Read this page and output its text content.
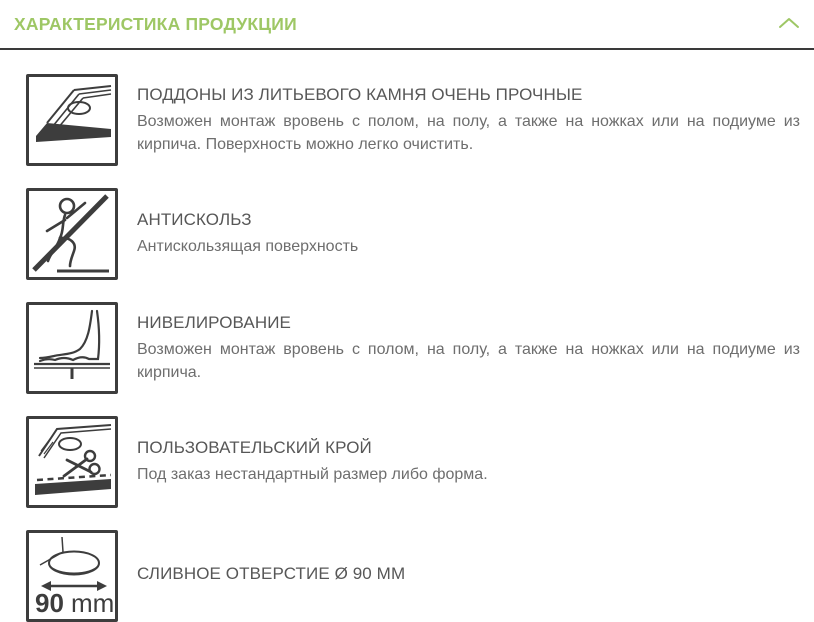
ХАРАКТЕРИСТИКА ПРОДУКЦИИ
ПОДДОНЫ ИЗ ЛИТЬЕВОГО КАМНЯ ОЧЕНЬ ПРОЧНЫЕ

Возможен монтаж вровень с полом, на полу, а также на ножках или на подиуме из кирпича. Поверхность можно легко очистить.

АНТИСКОЛЬЗ

Антискользящая поверхность

НИВЕЛИРОВАНИЕ

Возможен монтаж вровень с полом, на полу, а также на ножках или на подиуме из кирпича.

ПОЛЬЗОВАТЕЛЬСКИЙ КРОЙ

Под заказ нестандартный размер либо форма.

90 mm
СЛИВНОЕ ОТВЕРСТИЕ Ø 90 ММ
